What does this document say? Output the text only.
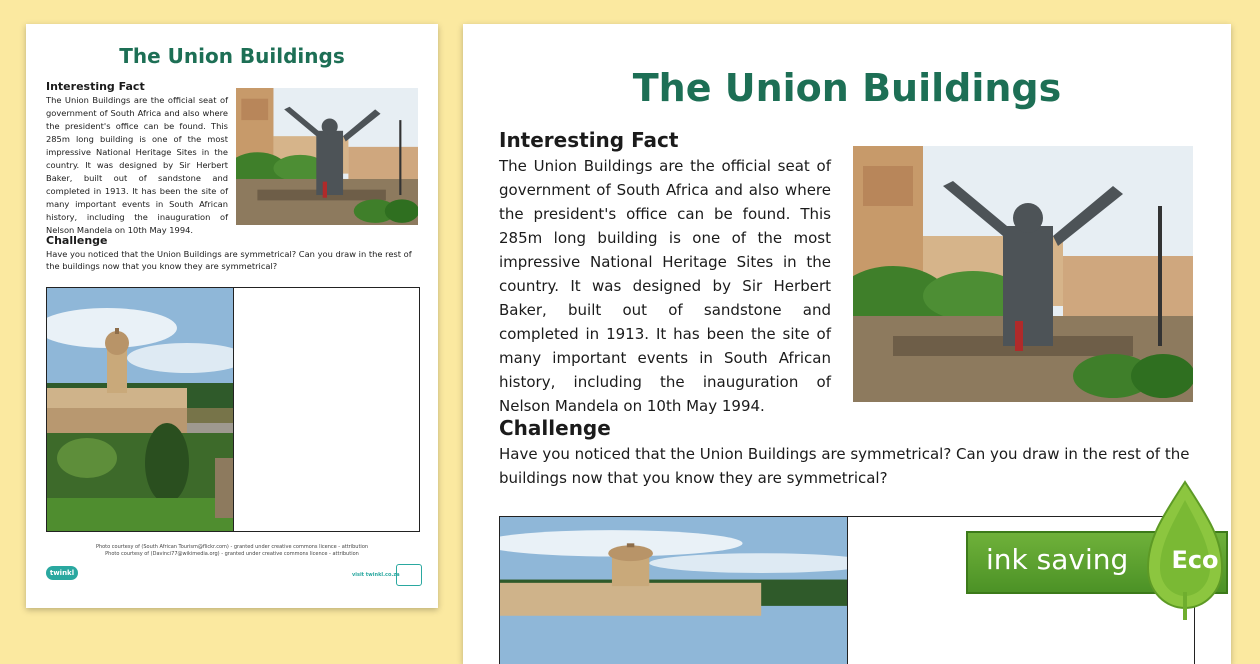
The Union Buildings

Interesting Fact

The Union Buildings are the official seat of government of South Africa and also where the president's office can be found. This 285m long building is one of the most impressive National Heritage Sites in the country. It was designed by Sir Herbert Baker, built out of sandstone and completed in 1913. It has been the site of many important events in South African history, including the inauguration of Nelson Mandela on 10th May 1994.

Challenge

Have you noticed that the Union Buildings are symmetrical? Can you draw in the rest of the buildings now that you know they are symmetrical?

Photo courtesy of (South African Tourism@flickr.com) - granted under creative commons licence - attribution
Photo courtesy of (Davinci77@wikimedia.org) - granted under creative commons licence - attribution
twinkl	visit twinkl.co.za
The Union Buildings

Interesting Fact

The Union Buildings are the official seat of government of South Africa and also where the president's office can be found. This 285m long building is one of the most impressive National Heritage Sites in the country. It was designed by Sir Herbert Baker, built out of sandstone and completed in 1913. It has been the site of many important events in South African history, including the inauguration of Nelson Mandela on 10th May 1994.

Challenge

Have you noticed that the Union Buildings are symmetrical? Can you draw in the rest of the buildings now that you know they are symmetrical?

ink saving	Eco
